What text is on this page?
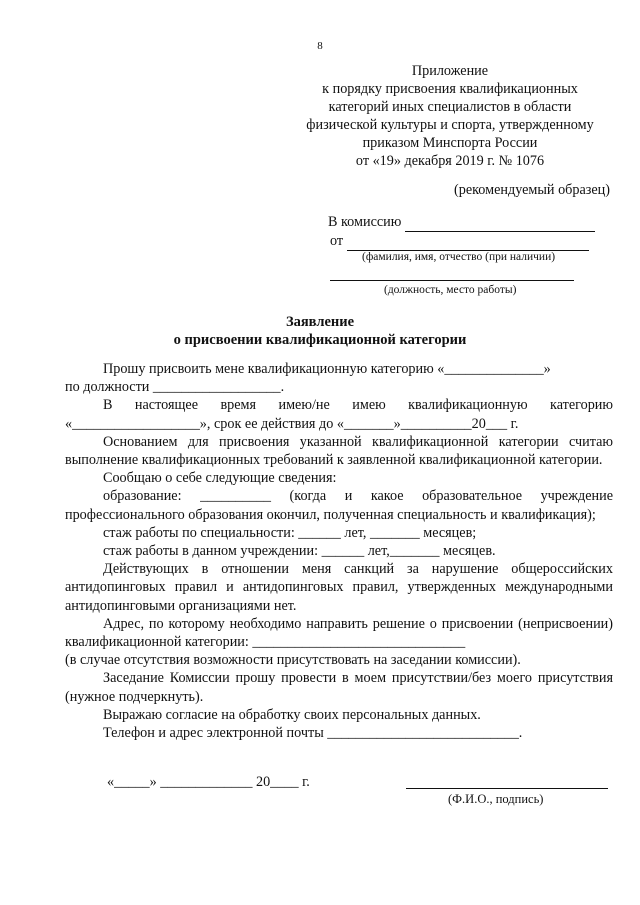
8
Приложение
к порядку присвоения квалификационных
категорий иных специалистов в области
физической культуры и спорта, утвержденному
приказом Минспорта России
от «19» декабря 2019 г. № 1076
(рекомендуемый образец)
В комиссию
от
(фамилия, имя, отчество (при наличии)

(должность, место работы)
Заявление
о присвоении квалификационной категории
Прошу присвоить мене квалификационную категорию «______________»
по должности __________________.

В настоящее время имею/не имею квалификационную категорию

«__________________», срок ее действия до «_______»__________20___ г.

Основанием для присвоения указанной квалификационной категории считаю выполнение квалификационных требований к заявленной квалификационной категории.

Сообщаю о себе следующие сведения:

образование: __________ (когда и какое образовательное учреждение профессионального образования окончил, полученная специальность и квалификация);

стаж работы по специальности: ______ лет, _______ месяцев;

стаж работы в данном учреждении: ______ лет,_______ месяцев.

Действующих в отношении меня санкций за нарушение общероссийских антидопинговых правил и антидопинговых правил, утвержденных международными антидопинговыми организациями нет.

Адрес, по которому необходимо направить решение о присвоении (неприсвоении) квалификационной категории: ______________________________

(в случае отсутствия возможности присутствовать на заседании комиссии).

Заседание Комиссии прошу провести в моем присутствии/без моего присутствия (нужное подчеркнуть).

Выражаю согласие на обработку своих персональных данных.

Телефон и адрес электронной почты ___________________________.

«_____» _____________ 20____ г.
(Ф.И.О., подпись)
